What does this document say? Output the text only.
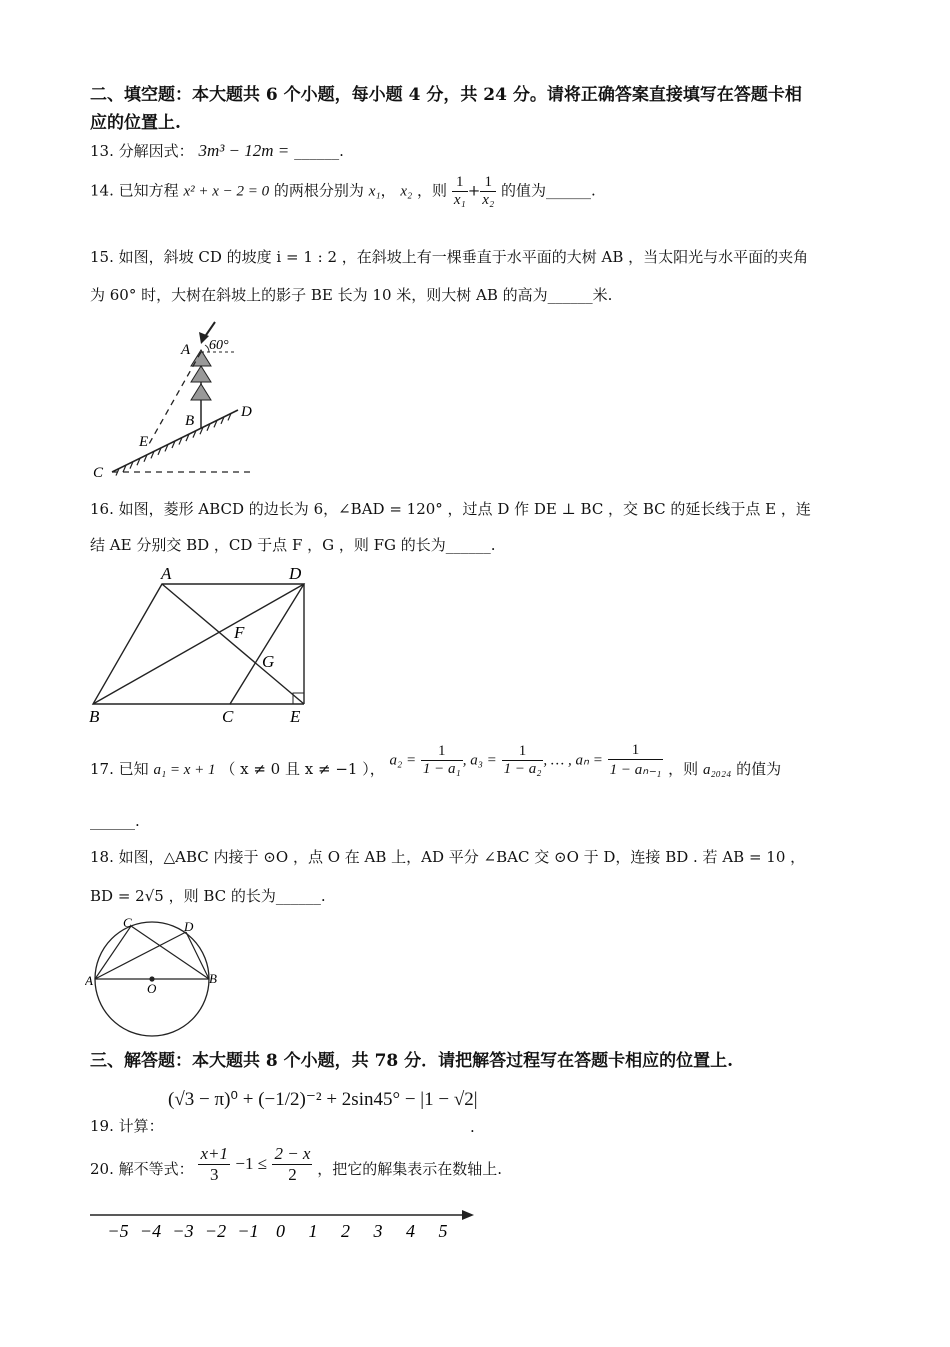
二、填空题：本大题共 6 个小题，每小题 4 分，共 24 分。请将正确答案直接填写在答题卡相
应的位置上.
13. 分解因式： 3m³ − 12m = ______.
14. 已知方程 x² + x − 2 = 0 的两根分别为 x₁， x₂ ，则 $\frac{1}{\text{x₁}} + \frac{1}{\text{x₂}}$ 的值为______.
15. 如图，斜坡 CD 的坡度 i = 1 : 2 ，在斜坡上有一棵垂直于水平面的大树 AB ，当太阳光与水平面的夹角
为 60° 时，大树在斜坡上的影子 BE 长为 10 米，则大树 AB 的高为______米.
A 60°
B
E
C
D
16. 如图，菱形 ABCD 的边长为 6，∠BAD = 120° ，过点 D 作 DE ⊥ BC ，交 BC 的延长线于点 E ，连
结 AE 分别交 BD ，CD 于点 F ，G ，则 FG 的长为______.
A	D
B	C	E
F
G
17. 已知 a₁ = x + 1 （ x ≠ 0 且 x ≠ −1 ）， $a_2 = \frac{1}{\text{1 − a₁}}$ , $a_3 = \frac{1}{\text{1 − a₂}}$ , … , $a_n = \frac{1}{\text{1 − aₙ₋₁}}$ ，则 a₂₀₂₄ 的值为
______.
18. 如图，△ABC 内接于 ⊙O ，点 O 在 AB 上，AD 平分 ∠BAC 交 ⊙O 于 D，连接 BD . 若 AB = 10 ，
BD = 2√5 ，则 BC 的长为______.
C	D
A	B
O
三、解答题：本大题共 8 个小题，共 78 分．请把解答过程写在答题卡相应的位置上.
19. 计算：
(√3 − π)⁰ + (−1/2)⁻² + 2sin45° − |1 − √2|
.
20. 解不等式： $\frac{x+1}{3} -1 \le \frac{2 - x}{2}$ ，把它的解集表示在数轴上.
−5 −4 −3 −2 −1 0 1 2 3 4 5
